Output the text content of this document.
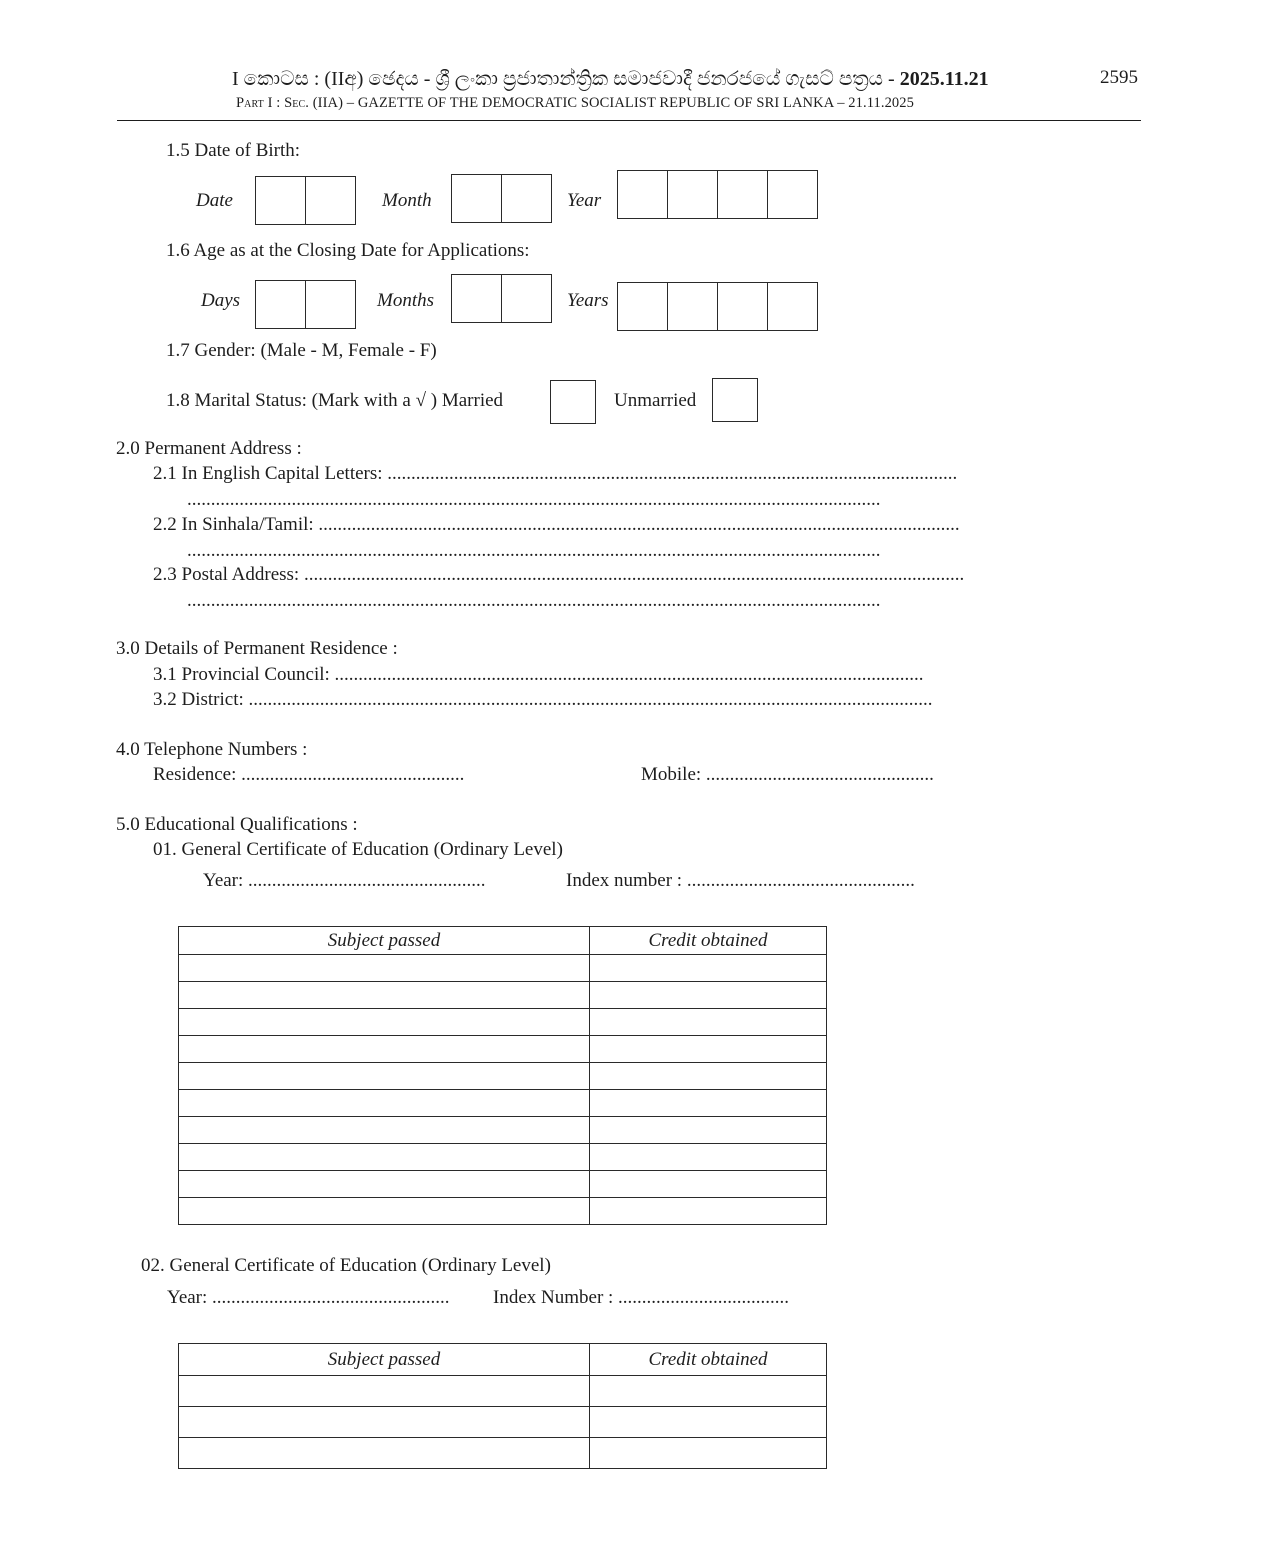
I කොටස : (IIඅ) ඡෙදය - ශ්‍රී ලංකා ප්‍රජාතාන්ත්‍රික සමාජවාදී ජනරජයේ ගැසට් පත්‍රය - 2025.11.21	2595
Part I : Sec. (IIA) – GAZETTE OF THE DEMOCRATIC SOCIALIST REPUBLIC OF SRI LANKA – 21.11.2025
1.5 Date of Birth:
Date	Month	Year
1.6 Age as at the Closing Date for Applications:
Days	Months	Years
1.7 Gender: (Male - M, Female - F)
1.8 Marital Status: (Mark with a √ ) Married	Unmarried
2.0 Permanent Address :
2.1 In English Capital Letters: ........................................................................................................................
..................................................................................................................................................
2.2 In Sinhala/Tamil: .......................................................................................................................................
..................................................................................................................................................
2.3 Postal Address: ...........................................................................................................................................
..................................................................................................................................................
3.0 Details of Permanent Residence :
3.1 Provincial Council: ............................................................................................................................
3.2 District: ................................................................................................................................................
4.0 Telephone Numbers :
Residence: ...............................................	Mobile: ................................................
5.0 Educational Qualifications :
01. General Certificate of Education (Ordinary Level)
Year: ..................................................	Index number : ................................................
Subject passed	Credit obtained

02. General Certificate of Education (Ordinary Level)
Year: .................................................. Index Number : ....................................
Subject passed	Credit obtained
